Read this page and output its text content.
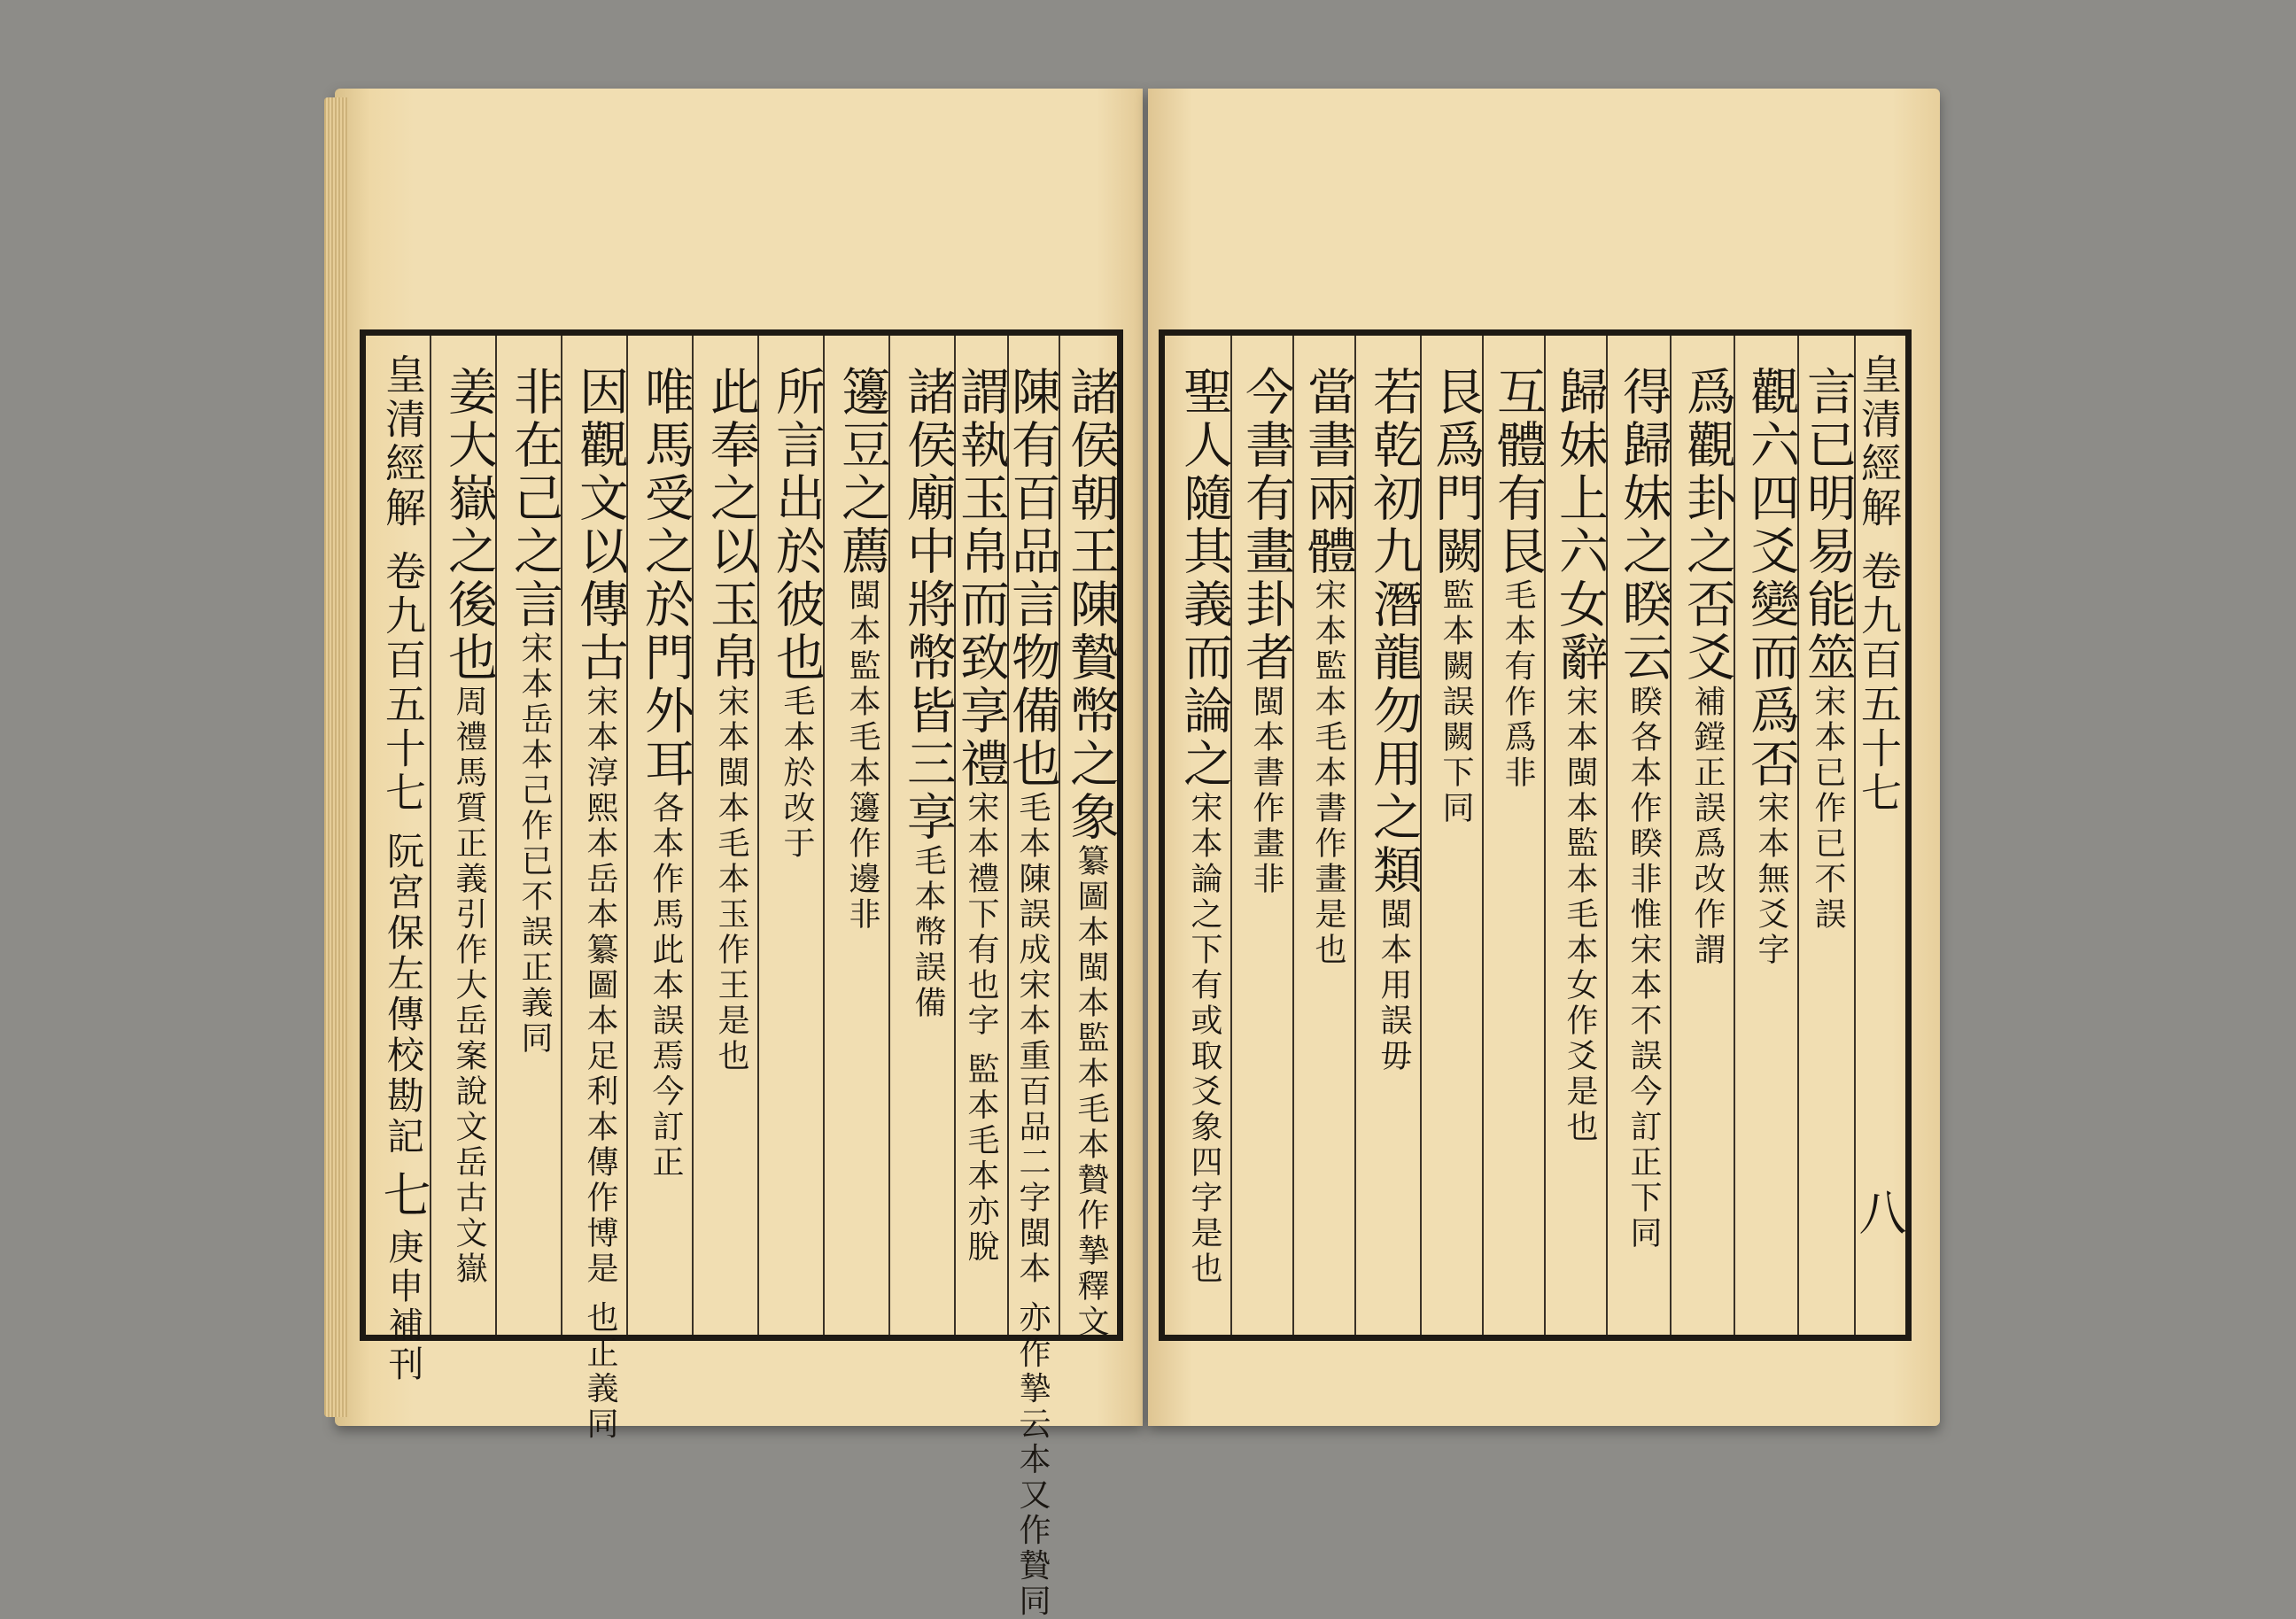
皇清經解卷九百五十七阮宮保左傳校勘記七庚申補刊
姜大嶽之後也周禮馬質正義引作大岳案說文岳古文嶽
非在己之言宋本岳本己作已不誤正義同
因觀文以傳古宋本淳熙本岳本纂圖本足利本傳作博是 也正義同
唯馬受之於門外耳各本作馬此本誤焉今訂正
此奉之以玉帛宋本閩本毛本玉作王是也
所言出於彼也毛本於改于
籩豆之薦閩本監本毛本籩作邊非 諸侯廟中將幣皆三享毛本幣誤備
謂執玉帛而致享禮宋本禮下有也字 監本毛本亦脫
陳有百品言物備也毛本陳誤成宋本重百品二字閩本 亦作摯云本又作贄同
諸侯朝王陳贄幣之象纂圖本閩本監本毛本贄作摯釋文
聖人隨其義而論之宋本論之下有或取爻象四字是也
今書有畫卦者閩本書作畫非
當書兩體宋本監本毛本書作畫是也 若乾初九潛龍勿用之類閩本用誤毋
艮爲門闕監本闕誤闕下同
互體有艮毛本有作爲非 歸妹上六女辭宋本閩本監本毛本女作爻是也
得歸妹之睽云睽各本作睽非惟宋本不誤今訂正下同
爲觀卦之否爻補鏜正誤爲改作謂
觀六四爻變而爲否宋本無爻字
言已明易能筮宋本已作已不誤
皇清經解卷九百五十七八
